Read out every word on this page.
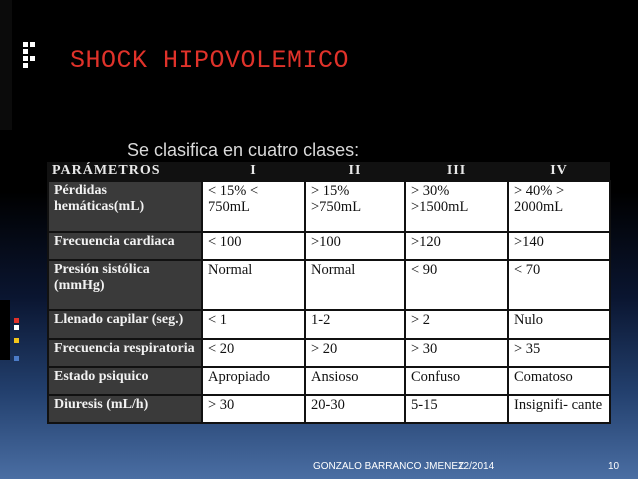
SHOCK HIPOVOLEMICO
Se clasifica en cuatro clases:
PARÁMETROS	I	II	III	IV
Pérdidas hemáticas(mL)	< 15% < 750mL	> 15% >750mL	> 30% >1500mL	> 40% > 2000mL
Frecuencia cardiaca	< 100	>100	>120	>140
Presión sistólica (mmHg)	Normal	Normal	< 90	< 70
Llenado capilar (seg.)	< 1	1-2	> 2	Nulo
Frecuencia respiratoria	< 20	> 20	> 30	> 35
Estado psiquico	Apropiado	Ansioso	Confuso	Comatoso
Diuresis (mL/h)	> 30	20-30	5-15	Insignifi- cante
GONZALO BARRANCO JMENEZ
12/2014	10
